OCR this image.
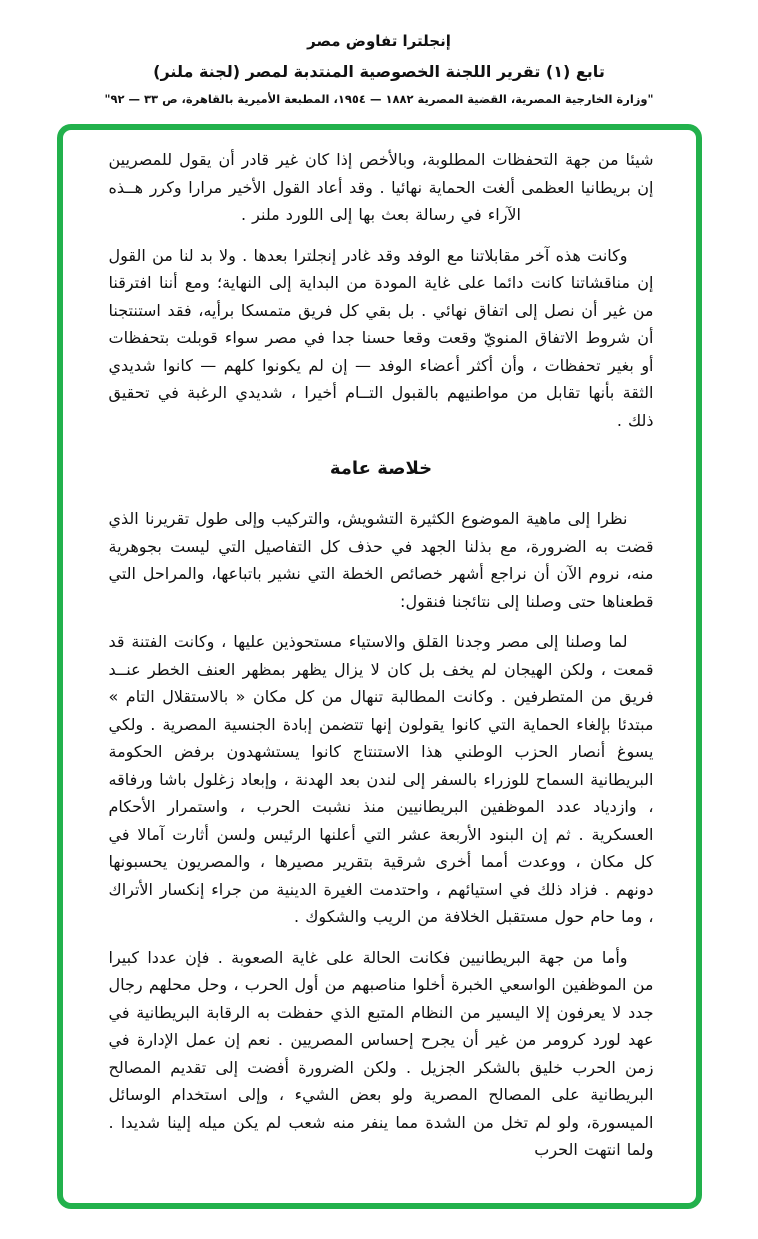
إنجلترا تفاوض مصر
تابع (١) تقرير اللجنة الخصوصية المنتدبة لمصر (لجنة ملنر)
"وزارة الخارجية المصرية، القضية المصرية ١٨٨٢ — ١٩٥٤، المطبعة الأميرية بالقاهرة، ص ٣٣ — ٩٢"

شيئا من جهة التحفظات المطلوبة، وبالأخص إذا كان غير قادر أن يقول للمصريين إن بريطانيا العظمى ألغت الحماية نهائيا . وقد أعاد القول الأخير مرارا وكرر هــذه الآراء في رسالة بعث بها إلى اللورد ملنر .

وكانت هذه آخر مقابلاتنا مع الوفد وقد غادر إنجلترا بعدها . ولا بد لنا من القول إن مناقشاتنا كانت دائما على غاية المودة من البداية إلى النهاية؛ ومع أننا افترقنا من غير أن نصل إلى اتفاق نهائي . بل بقي كل فريق متمسكا برأيه، فقد استنتجنا أن شروط الاتفاق المنويّ وقعت وقعا حسنا جدا في مصر سواء قوبلت بتحفظات أو بغير تحفظات ، وأن أكثر أعضاء الوفد — إن لم يكونوا كلهم — كانوا شديدي الثقة بأنها تقابل من مواطنيهم بالقبول التــام أخيرا ، شديدي الرغبة في تحقيق ذلك .

خلاصة عامة

نظرا إلى ماهية الموضوع الكثيرة التشويش، والتركيب وإلى طول تقريرنا الذي قضت به الضرورة، مع بذلنا الجهد في حذف كل التفاصيل التي ليست بجوهرية منه، نروم الآن أن نراجع أشهر خصائص الخطة التي نشير باتباعها، والمراحل التي قطعناها حتى وصلنا إلى نتائجنا فنقول:

لما وصلنا إلى مصر وجدنا القلق والاستياء مستحوذين عليها ، وكانت الفتنة قد قمعت ، ولكن الهيجان لم يخف بل كان لا يزال يظهر بمظهر العنف الخطر عنــد فريق من المتطرفين . وكانت المطالبة تنهال من كل مكان « بالاستقلال التام » مبتدئا بإلغاء الحماية التي كانوا يقولون إنها تتضمن إبادة الجنسية المصرية . ولكي يسوغ أنصار الحزب الوطني هذا الاستنتاج كانوا يستشهدون برفض الحكومة البريطانية السماح للوزراء بالسفر إلى لندن بعد الهدنة ، وإبعاد زغلول باشا ورفاقه ، وازدياد عدد الموظفين البريطانيين منذ نشبت الحرب ، واستمرار الأحكام العسكرية . ثم إن البنود الأربعة عشر التي أعلنها الرئيس ولسن أثارت آمالا في كل مكان ، ووعدت أمما أخرى شرقية بتقرير مصيرها ، والمصريون يحسبونها دونهم . فزاد ذلك في استيائهم ، واحتدمت الغيرة الدينية من جراء إنكسار الأتراك ، وما حام حول مستقبل الخلافة من الريب والشكوك .

وأما من جهة البريطانيين فكانت الحالة على غاية الصعوبة . فإن عددا كبيرا من الموظفين الواسعي الخبرة أخلوا مناصبهم من أول الحرب ، وحل محلهم رجال جدد لا يعرفون إلا اليسير من النظام المتبع الذي حفظت به الرقابة البريطانية في عهد لورد كرومر من غير أن يجرح إحساس المصريين . نعم إن عمل الإدارة في زمن الحرب خليق بالشكر الجزيل . ولكن الضرورة أفضت إلى تقديم المصالح البريطانية على المصالح المصرية ولو بعض الشيء ، وإلى استخدام الوسائل الميسورة، ولو لم تخل من الشدة مما ينفر منه شعب لم يكن ميله إلينا شديدا . ولما انتهت الحرب
